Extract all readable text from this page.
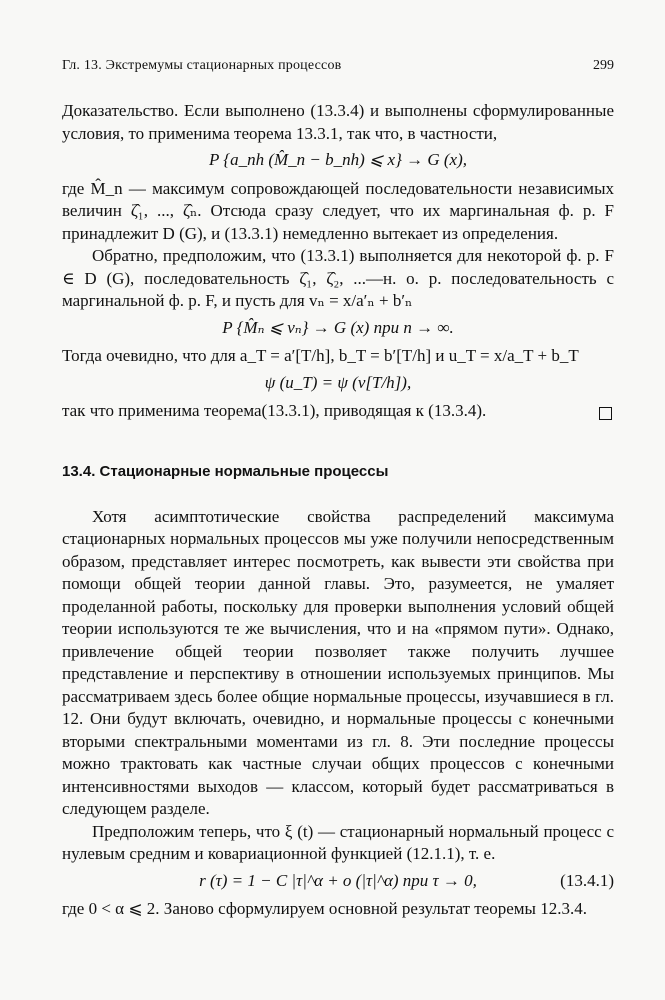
Гл. 13. Экстремумы стационарных процессов	299

Доказательство. Если выполнено (13.3.4) и выполнены сформулированные условия, то применима теорема 13.3.1, так что, в частности,

P {a_nh (M̂_n − b_nh) ⩽ x} → G (x),

где M̂_n — максимум сопровождающей последовательности независимых величин ζ̂₁, ..., ζ̂ₙ. Отсюда сразу следует, что их маргинальная ф. р. F принадлежит D (G), и (13.3.1) немедленно вытекает из определения.

Обратно, предположим, что (13.3.1) выполняется для некоторой ф. р. F ∈ D (G), последовательность ζ̂₁, ζ̂₂, ...—н. о. р. последовательность с маргинальной ф. р. F, и пусть для vₙ = x/a′ₙ + b′ₙ

P {M̂ₙ ⩽ vₙ} → G (x) при n → ∞.

Тогда очевидно, что для a_T = a′[T/h], b_T = b′[T/h] и u_T = x/a_T + b_T

ψ (u_T) = ψ (v[T/h]),

так что применима теорема(13.3.1), приводящая к (13.3.4).

13.4. Стационарные нормальные процессы

Хотя асимптотические свойства распределений максимума стационарных нормальных процессов мы уже получили непосредственным образом, представляет интерес посмотреть, как вывести эти свойства при помощи общей теории данной главы. Это, разумеется, не умаляет проделанной работы, поскольку для проверки выполнения условий общей теории используются те же вычисления, что и на «прямом пути». Однако, привлечение общей теории позволяет также получить лучшее представление и перспективу в отношении используемых принципов. Мы рассматриваем здесь более общие нормальные процессы, изучавшиеся в гл. 12. Они будут включать, очевидно, и нормальные процессы с конечными вторыми спектральными моментами из гл. 8. Эти последние процессы можно трактовать как частные случаи общих процессов с конечными интенсивностями выходов — классом, который будет рассматриваться в следующем разделе.

Предположим теперь, что ξ (t) — стационарный нормальный процесс с нулевым средним и ковариационной функцией (12.1.1), т. е.

r (τ) = 1 − C |τ|^α + o (|τ|^α) при τ → 0,	(13.4.1)

где 0 < α ⩽ 2. Заново сформулируем основной результат теоремы 12.3.4.
